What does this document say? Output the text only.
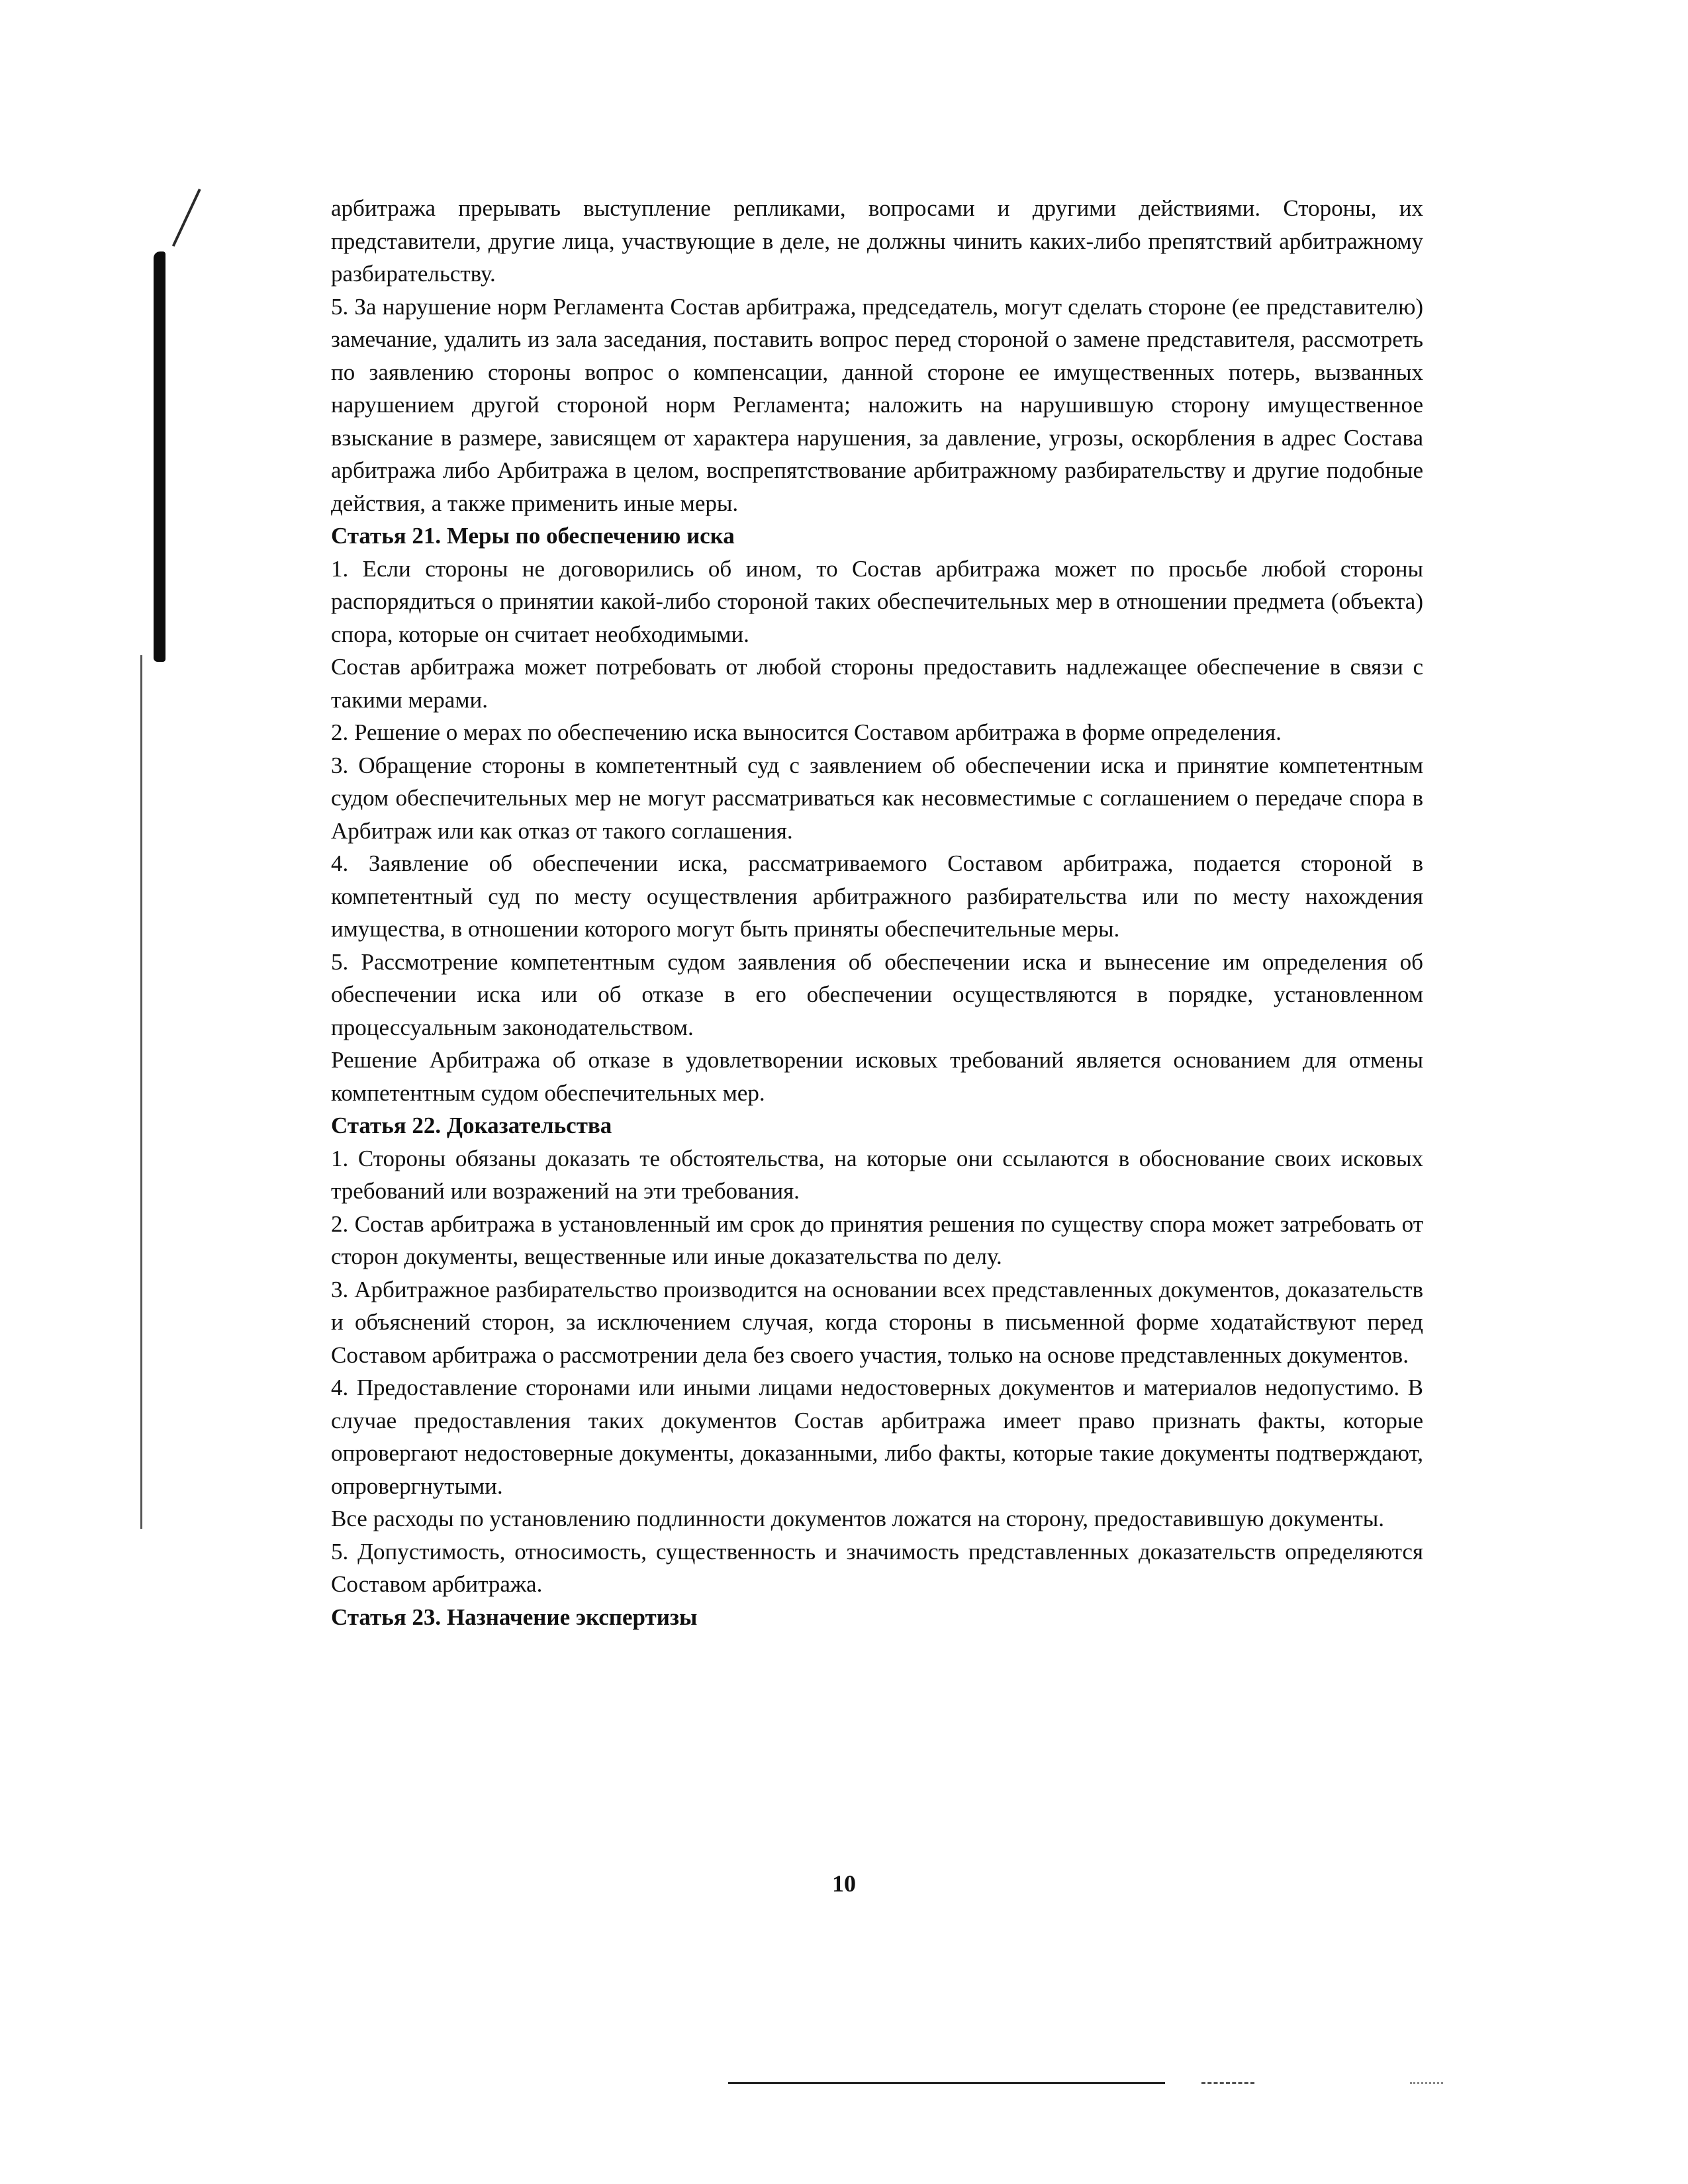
арбитража прерывать выступление репликами, вопросами и другими действиями. Стороны, их представители, другие лица, участвующие в деле, не должны чинить каких-либо препятствий арбитражному разбирательству.

5. За нарушение норм Регламента Состав арбитража, председатель, могут сделать стороне (ее представителю) замечание, удалить из зала заседания, поставить вопрос перед стороной о замене представителя, рассмотреть по заявлению стороны вопрос о компенсации, данной стороне ее имущественных потерь, вызванных нарушением другой стороной норм Регламента; наложить на нарушившую сторону имущественное взыскание в размере, зависящем от характера нарушения, за давление, угрозы, оскорбления в адрес Состава арбитража либо Арбитража в целом, воспрепятствование арбитражному разбирательству и другие подобные действия, а также применить иные меры.

Статья 21. Меры по обеспечению иска

1. Если стороны не договорились об ином, то Состав арбитража может по просьбе любой стороны распорядиться о принятии какой-либо стороной таких обеспечительных мер в отношении предмета (объекта) спора, которые он считает необходимыми.

Состав арбитража может потребовать от любой стороны предоставить надлежащее обеспечение в связи с такими мерами.

2. Решение о мерах по обеспечению иска выносится Составом арбитража в форме определения.

3. Обращение стороны в компетентный суд с заявлением об обеспечении иска и принятие компетентным судом обеспечительных мер не могут рассматриваться как несовместимые с соглашением о передаче спора в Арбитраж или как отказ от такого соглашения.

4. Заявление об обеспечении иска, рассматриваемого Составом арбитража, подается стороной в компетентный суд по месту осуществления арбитражного разбирательства или по месту нахождения имущества, в отношении которого могут быть приняты обеспечительные меры.

5. Рассмотрение компетентным судом заявления об обеспечении иска и вынесение им определения об обеспечении иска или об отказе в его обеспечении осуществляются в порядке, установленном процессуальным законодательством.

Решение Арбитража об отказе в удовлетворении исковых требований является основанием для отмены компетентным судом обеспечительных мер.

Статья 22. Доказательства

1. Стороны обязаны доказать те обстоятельства, на которые они ссылаются в обоснование своих исковых требований или возражений на эти требования.

2. Состав арбитража в установленный им срок до принятия решения по существу спора может затребовать от сторон документы, вещественные или иные доказательства по делу.

3. Арбитражное разбирательство производится на основании всех представленных документов, доказательств и объяснений сторон, за исключением случая, когда стороны в письменной форме ходатайствуют перед Составом арбитража о рассмотрении дела без своего участия, только на основе представленных документов.

4. Предоставление сторонами или иными лицами недостоверных документов и материалов недопустимо. В случае предоставления таких документов Состав арбитража имеет право признать факты, которые опровергают недостоверные документы, доказанными, либо факты, которые такие документы подтверждают, опровергнутыми.

Все расходы по установлению подлинности документов ложатся на сторону, предоставившую документы.

5. Допустимость, относимость, существенность и значимость представленных доказательств определяются Составом арбитража.

Статья 23. Назначение экспертизы
10
